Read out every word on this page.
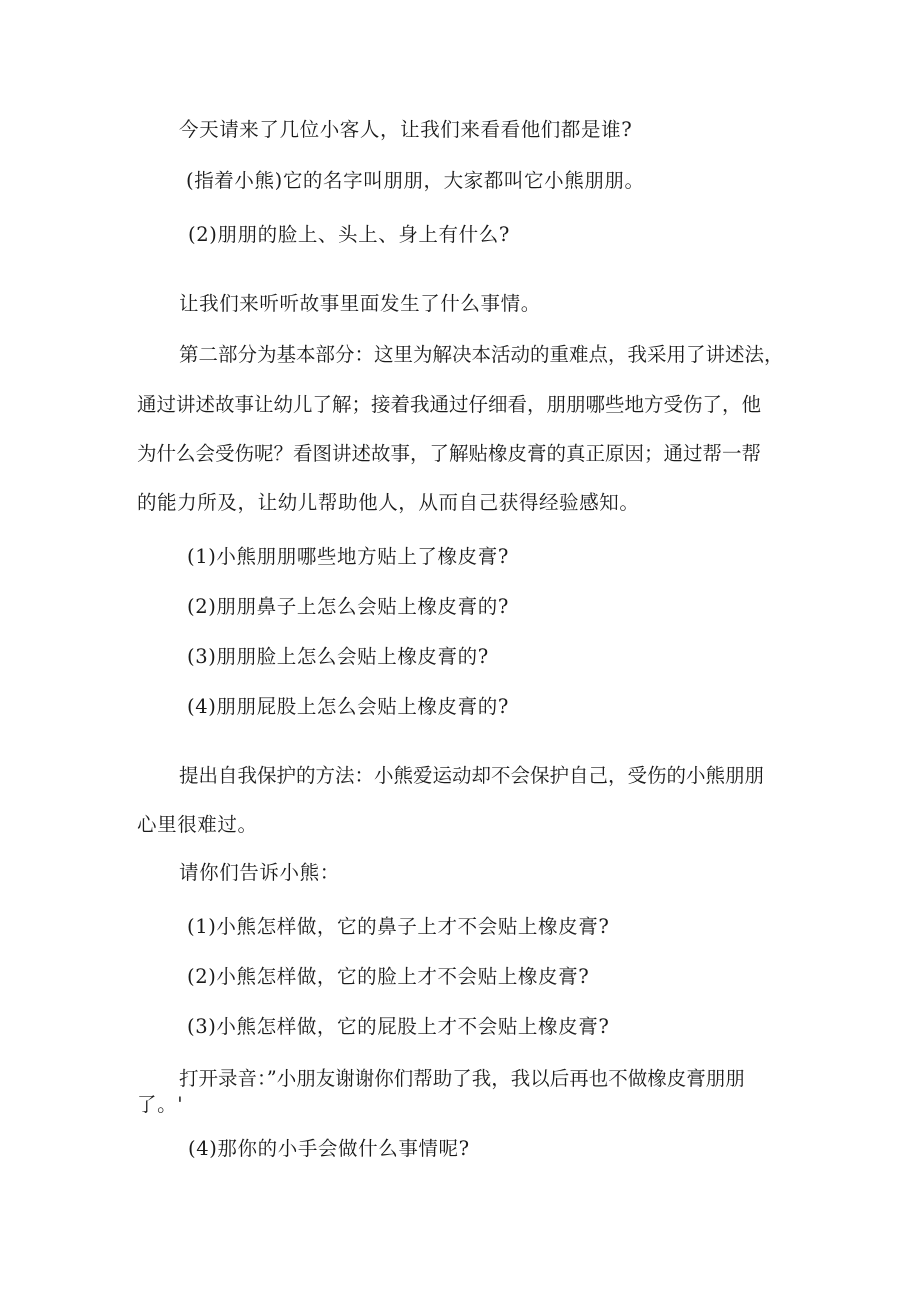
今天请来了几位小客人，让我们来看看他们都是谁?
(指着小熊)它的名字叫朋朋，大家都叫它小熊朋朋。
(2)朋朋的脸上、头上、身上有什么?
让我们来听听故事里面发生了什么事情。
第二部分为基本部分：这里为解决本活动的重难点，我采用了讲述法，
通过讲述故事让幼儿了解；接着我通过仔细看，朋朋哪些地方受伤了，他
为什么会受伤呢？看图讲述故事，了解贴橡皮膏的真正原因；通过帮一帮
的能力所及，让幼儿帮助他人，从而自己获得经验感知。
(1)小熊朋朋哪些地方贴上了橡皮膏?
(2)朋朋鼻子上怎么会贴上橡皮膏的?
(3)朋朋脸上怎么会贴上橡皮膏的?
(4)朋朋屁股上怎么会贴上橡皮膏的?
提出自我保护的方法：小熊爱运动却不会保护自己，受伤的小熊朋朋
心里很难过。
请你们告诉小熊：
(1)小熊怎样做，它的鼻子上才不会贴上橡皮膏?
(2)小熊怎样做，它的脸上才不会贴上橡皮膏?
(3)小熊怎样做，它的屁股上才不会贴上橡皮膏?
打开录音：”小朋友谢谢你们帮助了我，我以后再也不做橡皮膏朋朋
了。'
(4)那你的小手会做什么事情呢?
